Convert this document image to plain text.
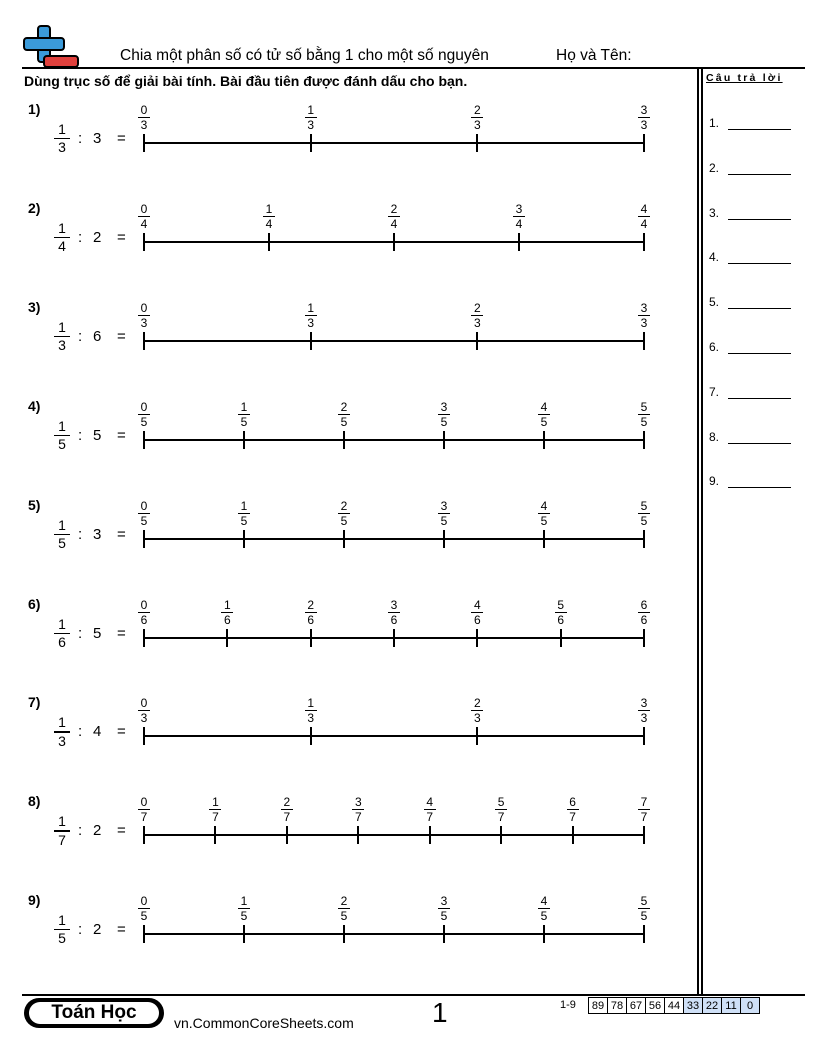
Chia một phân số có tử số bằng 1 cho một số nguyên	Họ và Tên:
Dùng trục số để giải bài tính. Bài đầu tiên được đánh dấu cho bạn.	Câu trả lời
1.
2.
3.
4.
5.
6.
7.
8.
9.
1)
1
3
: 3 =
0
3
1
3
2
3
3
3
2)
1
4
: 2 =
0
4
1
4
2
4
3
4
4
4
3)
1
3
: 6 =
0
3
1
3
2
3
3
3
4)
1
5
: 5 =
0
5
1
5
2
5
3
5
4
5
5
5
5)
1
5
: 3 =
0
5
1
5
2
5
3
5
4
5
5
5
6)
1
6
: 5 =
0
6
1
6
2
6
3
6
4
6
5
6
6
6
7)
1
3
: 4 =
0
3
1
3
2
3
3
3
8)
1
7
: 2 =
0
7
1
7
2
7
3
7
4
7
5
7
6
7
7
7
9)
1
5
: 2 =
0
5
1
5
2
5
3
5
4
5
5
5
Toán Học	vn.CommonCoreSheets.com	1	1-9 89	78	67	56	44	33	22	11	0
